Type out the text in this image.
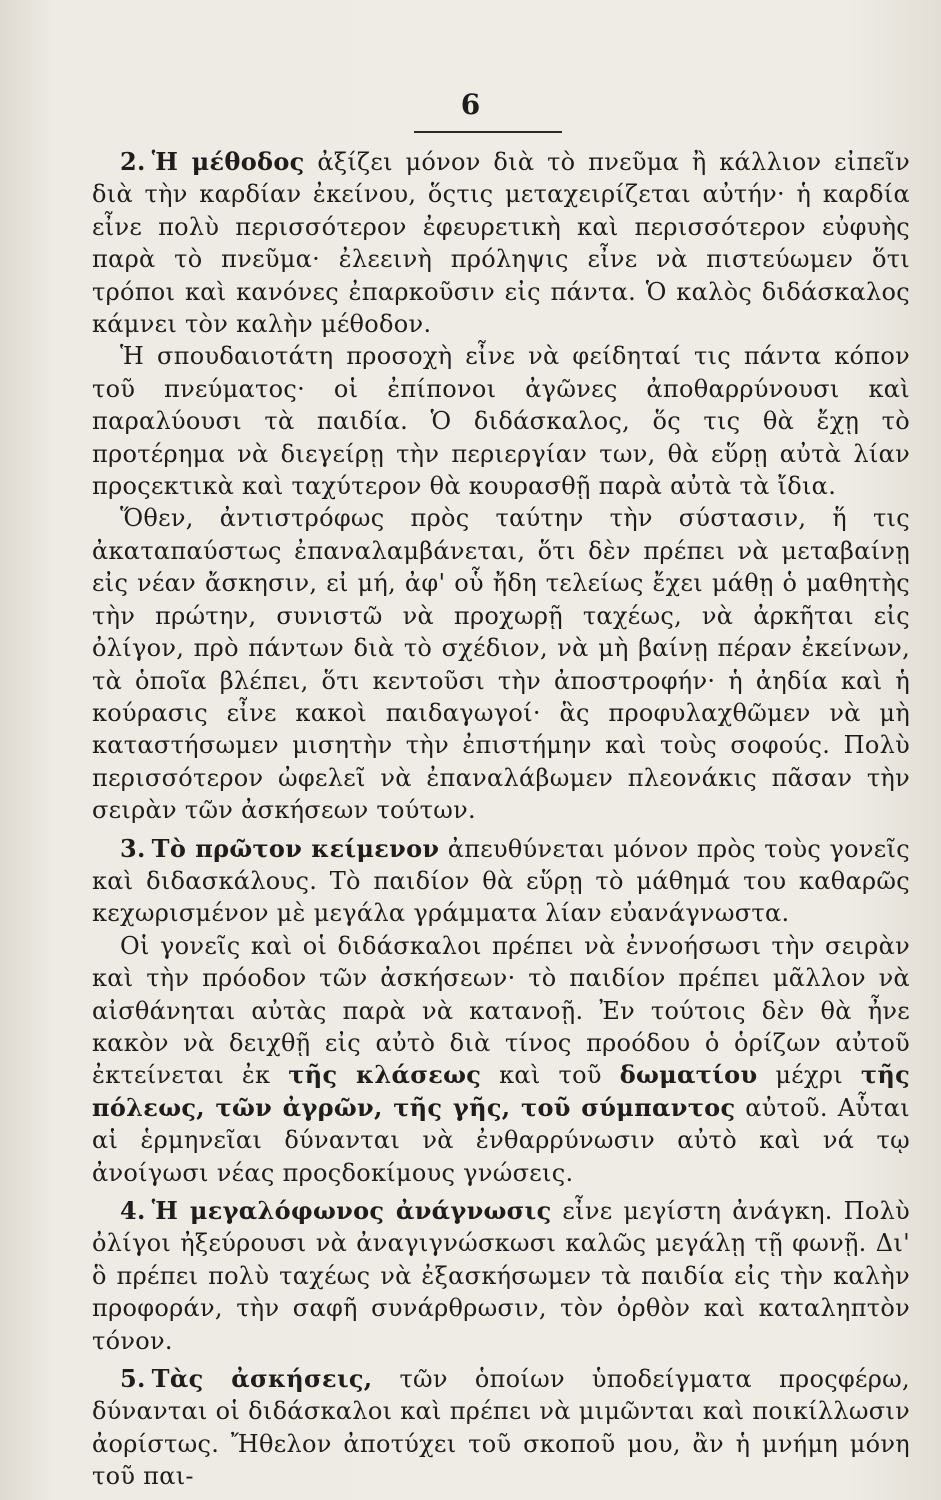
6

2. Ἡ μέθοδος ἀξίζει μόνον διὰ τὸ πνεῦμα ἢ κάλλιον εἰπεῖν διὰ τὴν καρδίαν ἐκείνου, ὅςτις μεταχειρίζεται αὐτήν· ἡ καρδία εἶνε πολὺ περισσότερον ἐφευρετικὴ καὶ περισσότερον εὐφυὴς παρὰ τὸ πνεῦμα· ἐλεεινὴ πρόληψις εἶνε νὰ πιστεύωμεν ὅτι τρόποι καὶ κανόνες ἐπαρκοῦσιν εἰς πάντα. Ὁ καλὸς διδάσκαλος κάμνει τὸν καλὴν μέθοδον.

Ἡ σπουδαιοτάτη προσοχὴ εἶνε νὰ φείδηταί τις πάντα κόπον τοῦ πνεύματος· οἱ ἐπίπονοι ἀγῶνες ἀποθαρρύνουσι καὶ παραλύουσι τὰ παιδία. Ὁ διδάσκαλος, ὅς τις θὰ ἔχῃ τὸ προτέρημα νὰ διεγείρῃ τὴν περιεργίαν των, θὰ εὕρῃ αὐτὰ λίαν προςεκτικὰ καὶ ταχύτερον θὰ κουρασθῇ παρὰ αὐτὰ τὰ ἴδια.

Ὅθεν, ἀντιστρόφως πρὸς ταύτην τὴν σύστασιν, ἥ τις ἀκαταπαύστως ἐπαναλαμβάνεται, ὅτι δὲν πρέπει νὰ μεταβαίνῃ εἰς νέαν ἄσκησιν, εἰ μή, ἀφ' οὗ ἤδη τελείως ἔχει μάθῃ ὁ μαθητὴς τὴν πρώτην, συνιστῶ νὰ προχωρῇ ταχέως, νὰ ἀρκῆται εἰς ὀλίγον, πρὸ πάντων διὰ τὸ σχέδιον, νὰ μὴ βαίνῃ πέραν ἐκείνων, τὰ ὁποῖα βλέπει, ὅτι κεντοῦσι τὴν ἀποστροφήν· ἡ ἀηδία καὶ ἡ κούρασις εἶνε κακοὶ παιδαγωγοί· ἃς προφυλαχθῶμεν νὰ μὴ καταστήσωμεν μισητὴν τὴν ἐπιστήμην καὶ τοὺς σοφούς. Πολὺ περισσότερον ὠφελεῖ νὰ ἐπαναλάβωμεν πλεονάκις πᾶσαν τὴν σειρὰν τῶν ἀσκήσεων τούτων.

3. Τὸ πρῶτον κείμενον ἀπευθύνεται μόνον πρὸς τοὺς γονεῖς καὶ διδασκάλους. Τὸ παιδίον θὰ εὕρῃ τὸ μάθημά του καθαρῶς κεχωρισμένον μὲ μεγάλα γράμματα λίαν εὐανάγνωστα.

Οἱ γονεῖς καὶ οἱ διδάσκαλοι πρέπει νὰ ἐννοήσωσι τὴν σειρὰν καὶ τὴν πρόοδον τῶν ἀσκήσεων· τὸ παιδίον πρέπει μᾶλλον νὰ αἰσθάνηται αὐτὰς παρὰ νὰ κατανοῇ. Ἐν τούτοις δὲν θὰ ἦνε κακὸν νὰ δειχθῇ εἰς αὐτὸ διὰ τίνος προόδου ὁ ὁρίζων αὐτοῦ ἐκτείνεται ἐκ τῆς κλάσεως καὶ τοῦ δωματίου μέχρι τῆς πόλεως, τῶν ἀγρῶν, τῆς γῆς, τοῦ σύμπαντος αὐτοῦ. Αὗται αἱ ἑρμηνεῖαι δύνανται νὰ ἐνθαρρύνωσιν αὐτὸ καὶ νά τῳ ἀνοίγωσι νέας προςδοκίμους γνώσεις.

4. Ἡ μεγαλόφωνος ἀνάγνωσις εἶνε μεγίστη ἀνάγκη. Πολὺ ὀλίγοι ἠξεύρουσι νὰ ἀναγιγνώσκωσι καλῶς μεγάλῃ τῇ φωνῇ. Δι' ὃ πρέπει πολὺ ταχέως νὰ ἐξασκήσωμεν τὰ παιδία εἰς τὴν καλὴν προφοράν, τὴν σαφῆ συνάρθρωσιν, τὸν ὀρθὸν καὶ καταληπτὸν τόνον.

5. Τὰς ἀσκήσεις, τῶν ὁποίων ὑποδείγματα προςφέρω, δύνανται οἱ διδάσκαλοι καὶ πρέπει νὰ μιμῶνται καὶ ποικίλλωσιν ἀορίστως. Ἤθελον ἀποτύχει τοῦ σκοποῦ μου, ἂν ἡ μνήμη μόνη τοῦ παι-
